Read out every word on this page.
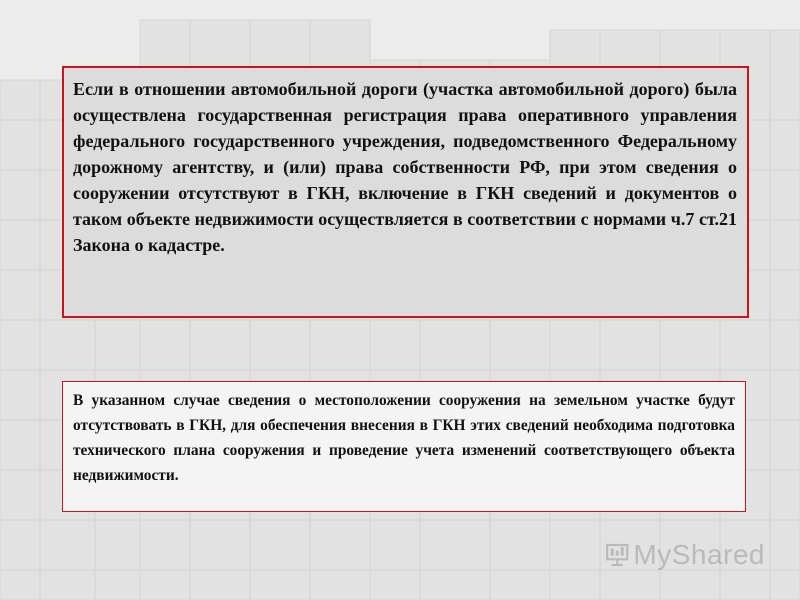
Если в отношении автомобильной дороги (участка автомобильной дорого) была осуществлена государственная регистрация права оперативного управления федерального государственного учреждения, подведомственного Федеральному дорожному агентству, и (или) права собственности РФ, при этом сведения о сооружении отсутствуют в ГКН, включение в ГКН сведений и документов о таком объекте недвижимости осуществляется в соответствии с нормами ч.7 ст.21 Закона о кадастре.
В указанном случае сведения о местоположении сооружения на земельном участке будут отсутствовать в ГКН, для обеспечения внесения в ГКН этих сведений необходима подготовка технического плана сооружения и проведение учета изменений соответствующего объекта недвижимости.
MyShared
